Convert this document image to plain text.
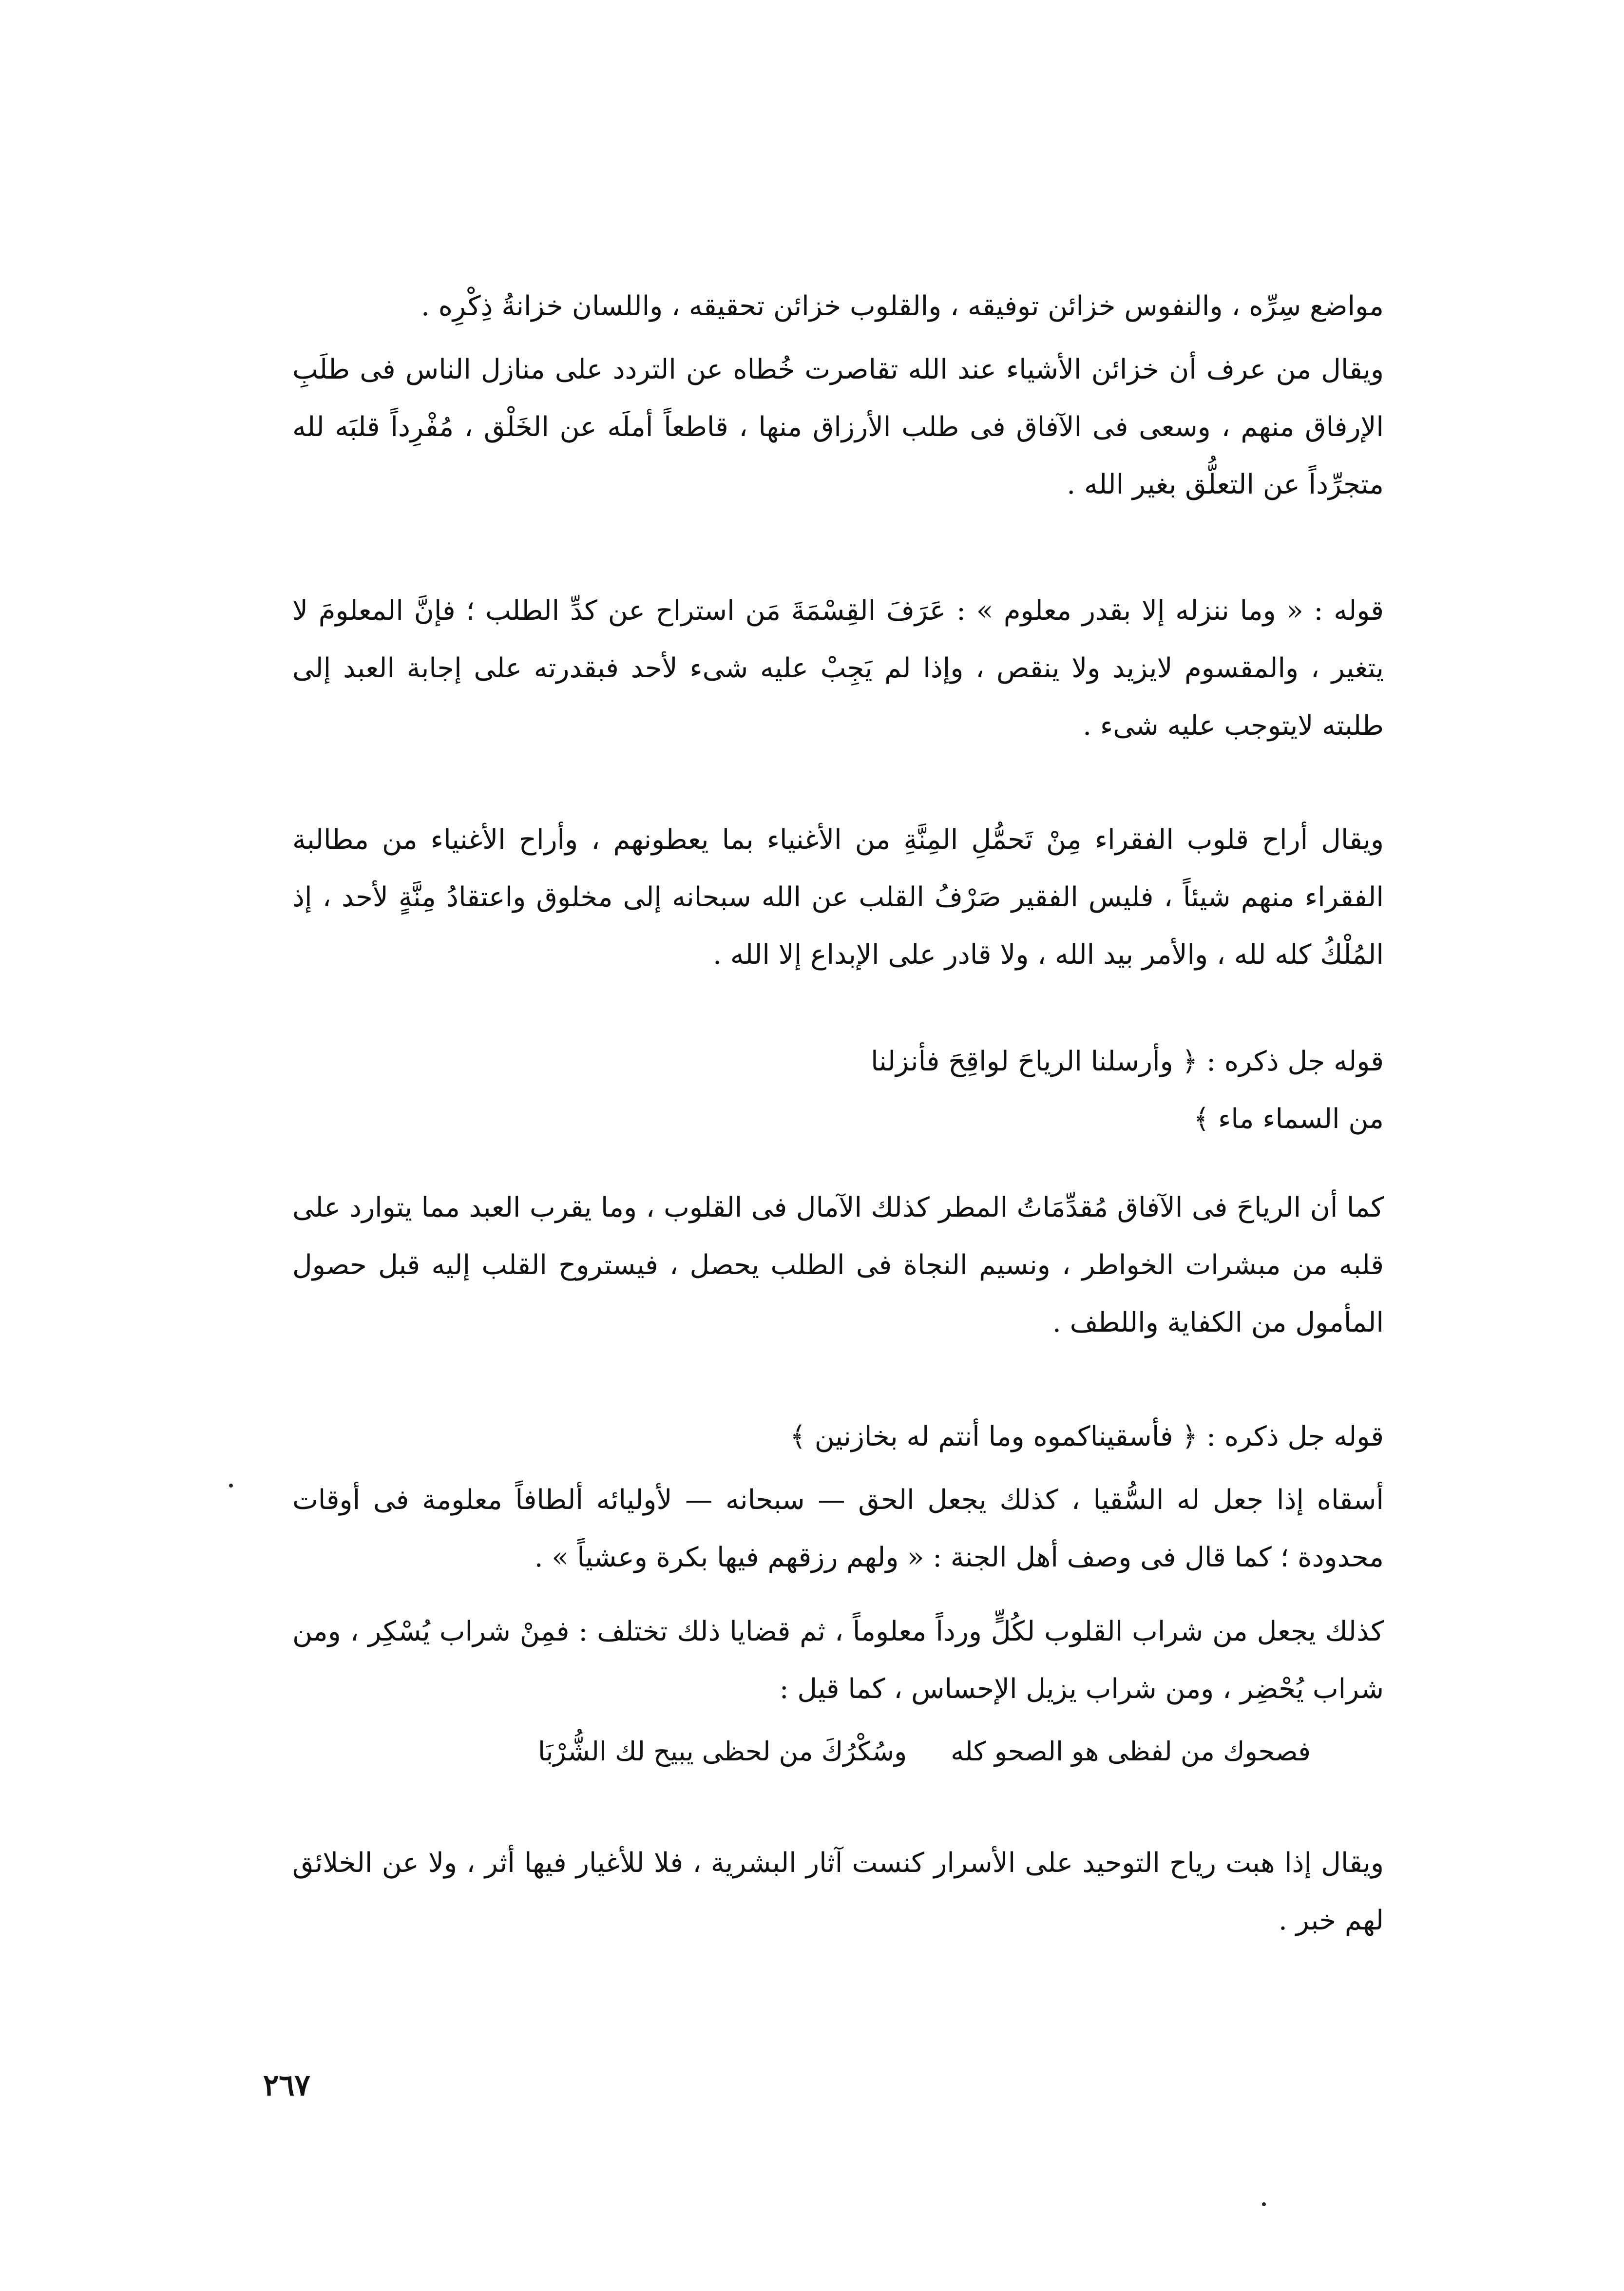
مواضع سِرِّه ، والنفوس خزائن توفيقه ، والقلوب خزائن تحقيقه ، واللسان خزانةُ ذِكْرِه .

ويقال من عرف أن خزائن الأشياء عند الله تقاصرت خُطاه عن التردد على منازل الناس فى طلَبِ الإرفاق منهم ، وسعى فى الآفاق فى طلب الأرزاق منها ، قاطعاً أملَه عن الخَلْق ، مُفْرِداً قلبَه لله متجرِّداً عن التعلُّق بغير الله .

قوله : « وما ننزله إلا بقدر معلوم » : عَرَفَ القِسْمَةَ مَن استراح عن كدِّ الطلب ؛ فإنَّ المعلومَ لا يتغير ، والمقسوم لايزيد ولا ينقص ، وإذا لم يَجِبْ عليه شىء لأحد فبقدرته على إجابة العبد إلى طلبته لايتوجب عليه شىء .

ويقال أراح قلوب الفقراء مِنْ تَحمُّلِ المِنَّةِ من الأغنياء بما يعطونهم ، وأراح الأغنياء من مطالبة الفقراء منهم شيئاً ، فليس الفقير صَرْفُ القلب عن الله سبحانه إلى مخلوق واعتقادُ مِنَّةٍ لأحد ، إذ المُلْكُ كله لله ، والأمر بيد الله ، ولا قادر على الإبداع إلا الله .

قوله جل ذكره : ﴿ وأرسلنا الرياحَ لواقِحَ فأنزلنا من السماء ماء ﴾

كما أن الرياحَ فى الآفاق مُقدِّمَاتُ المطر كذلك الآمال فى القلوب ، وما يقرب العبد مما يتوارد على قلبه من مبشرات الخواطر ، ونسيم النجاة فى الطلب يحصل ، فيستروح القلب إليه قبل حصول المأمول من الكفاية واللطف .

قوله جل ذكره : ﴿ فأسقيناكموه وما أنتم له بخازنين ﴾

أسقاه إذا جعل له السُّقيا ، كذلك يجعل الحق — سبحانه — لأوليائه ألطافاً معلومة فى أوقات محدودة ؛ كما قال فى وصف أهل الجنة : « ولهم رزقهم فيها بكرة وعشياً » .

كذلك يجعل من شراب القلوب لكُلٍّ ورداً معلوماً ، ثم قضايا ذلك تختلف : فمِنْ شراب يُسْكِر ، ومن شراب يُحْضِر ، ومن شراب يزيل الإحساس ، كما قيل :

فصحوك من لفظى هو الصحو كله
وسُكْرُكَ من لحظى يبيح لك الشُّرْبَا

ويقال إذا هبت رياح التوحيد على الأسرار كنست آثار البشرية ، فلا للأغيار فيها أثر ، ولا عن الخلائق لهم خبر .

٢٦٧
